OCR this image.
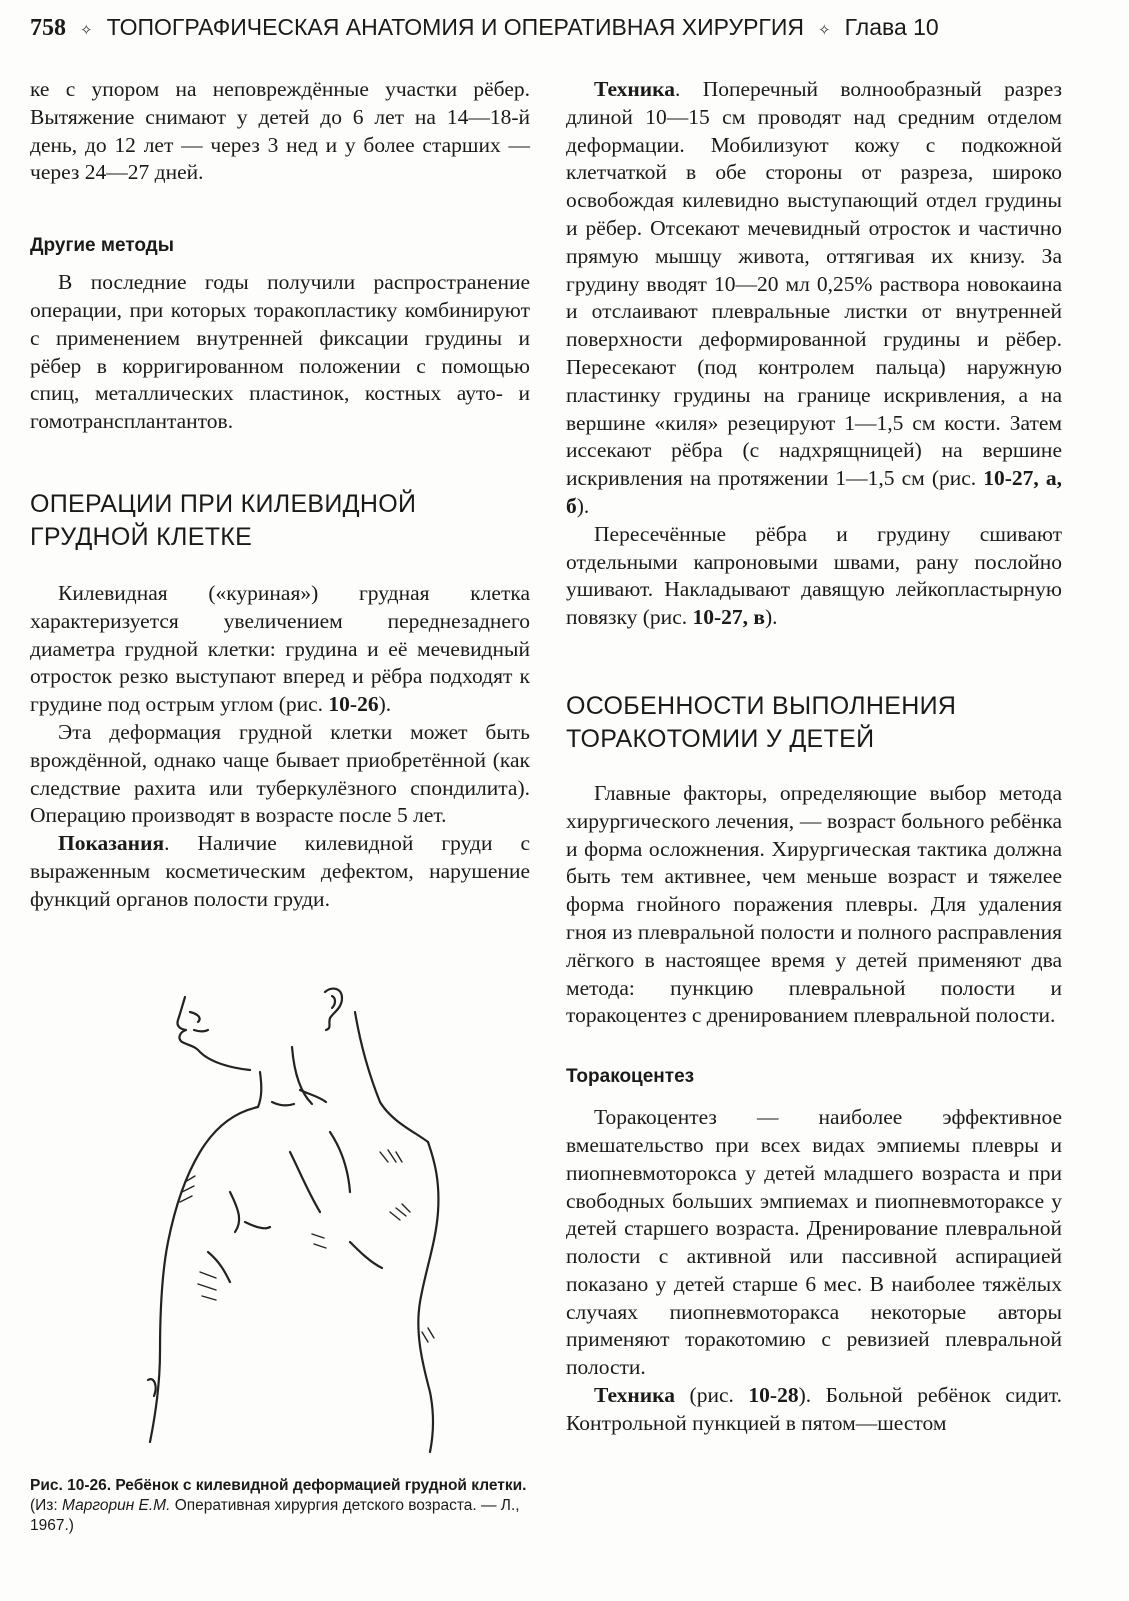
758 ✧ ТОПОГРАФИЧЕСКАЯ АНАТОМИЯ И ОПЕРАТИВНАЯ ХИРУРГИЯ ✧ Глава 10

ке с упором на неповреждённые участки рёбер. Вытяжение снимают у детей до 6 лет на 14—18-й день, до 12 лет — через 3 нед и у более старших — через 24—27 дней.

Другие методы

В последние годы получили распространение операции, при которых торакопластику комбинируют с применением внутренней фиксации грудины и рёбер в корригированном положении с помощью спиц, металлических пластинок, костных ауто- и гомотрансплантантов.

ОПЕРАЦИИ ПРИ КИЛЕВИДНОЙ
ГРУДНОЙ КЛЕТКЕ

Килевидная («куриная») грудная клетка характеризуется увеличением переднезаднего диаметра грудной клетки: грудина и её мечевидный отросток резко выступают вперед и рёбра подходят к грудине под острым углом (рис. 10-26).

Эта деформация грудной клетки может быть врождённой, однако чаще бывает приобретённой (как следствие рахита или туберкулёзного спондилита). Операцию производят в возрасте после 5 лет.

Показания. Наличие килевидной груди с выраженным косметическим дефектом, нарушение функций органов полости груди.

Рис. 10-26. Ребёнок с килевидной деформацией грудной клетки. (Из: Маргорин Е.М. Оперативная хирургия детского возраста. — Л., 1967.)

Техника. Поперечный волнообразный разрез длиной 10—15 см проводят над средним отделом деформации. Мобилизуют кожу с подкожной клетчаткой в обе стороны от разреза, широко освобождая килевидно выступающий отдел грудины и рёбер. Отсекают мечевидный отросток и частично прямую мышцу живота, оттягивая их книзу. За грудину вводят 10—20 мл 0,25% раствора новокаина и отслаивают плевральные листки от внутренней поверхности деформированной грудины и рёбер. Пересекают (под контролем пальца) наружную пластинку грудины на границе искривления, а на вершине «киля» резецируют 1—1,5 см кости. Затем иссекают рёбра (с надхрящницей) на вершине искривления на протяжении 1—1,5 см (рис. 10-27, а, б).

Пересечённые рёбра и грудину сшивают отдельными капроновыми швами, рану послойно ушивают. Накладывают давящую лейкопластырную повязку (рис. 10-27, в).

ОСОБЕННОСТИ ВЫПОЛНЕНИЯ
ТОРАКОТОМИИ У ДЕТЕЙ

Главные факторы, определяющие выбор метода хирургического лечения, — возраст больного ребёнка и форма осложнения. Хирургическая тактика должна быть тем активнее, чем меньше возраст и тяжелее форма гнойного поражения плевры. Для удаления гноя из плевральной полости и полного расправления лёгкого в настоящее время у детей применяют два метода: пункцию плевральной полости и торакоцентез с дренированием плевральной полости.

Торакоцентез

Торакоцентез — наиболее эффективное вмешательство при всех видах эмпиемы плевры и пиопневмоторокса у детей младшего возраста и при свободных больших эмпиемах и пиопневмотораксе у детей старшего возраста. Дренирование плевральной полости с активной или пассивной аспирацией показано у детей старше 6 мес. В наиболее тяжёлых случаях пиопневмоторакса некоторые авторы применяют торакотомию с ревизией плевральной полости.

Техника (рис. 10-28). Больной ребёнок сидит. Контрольной пункцией в пятом—шестом
